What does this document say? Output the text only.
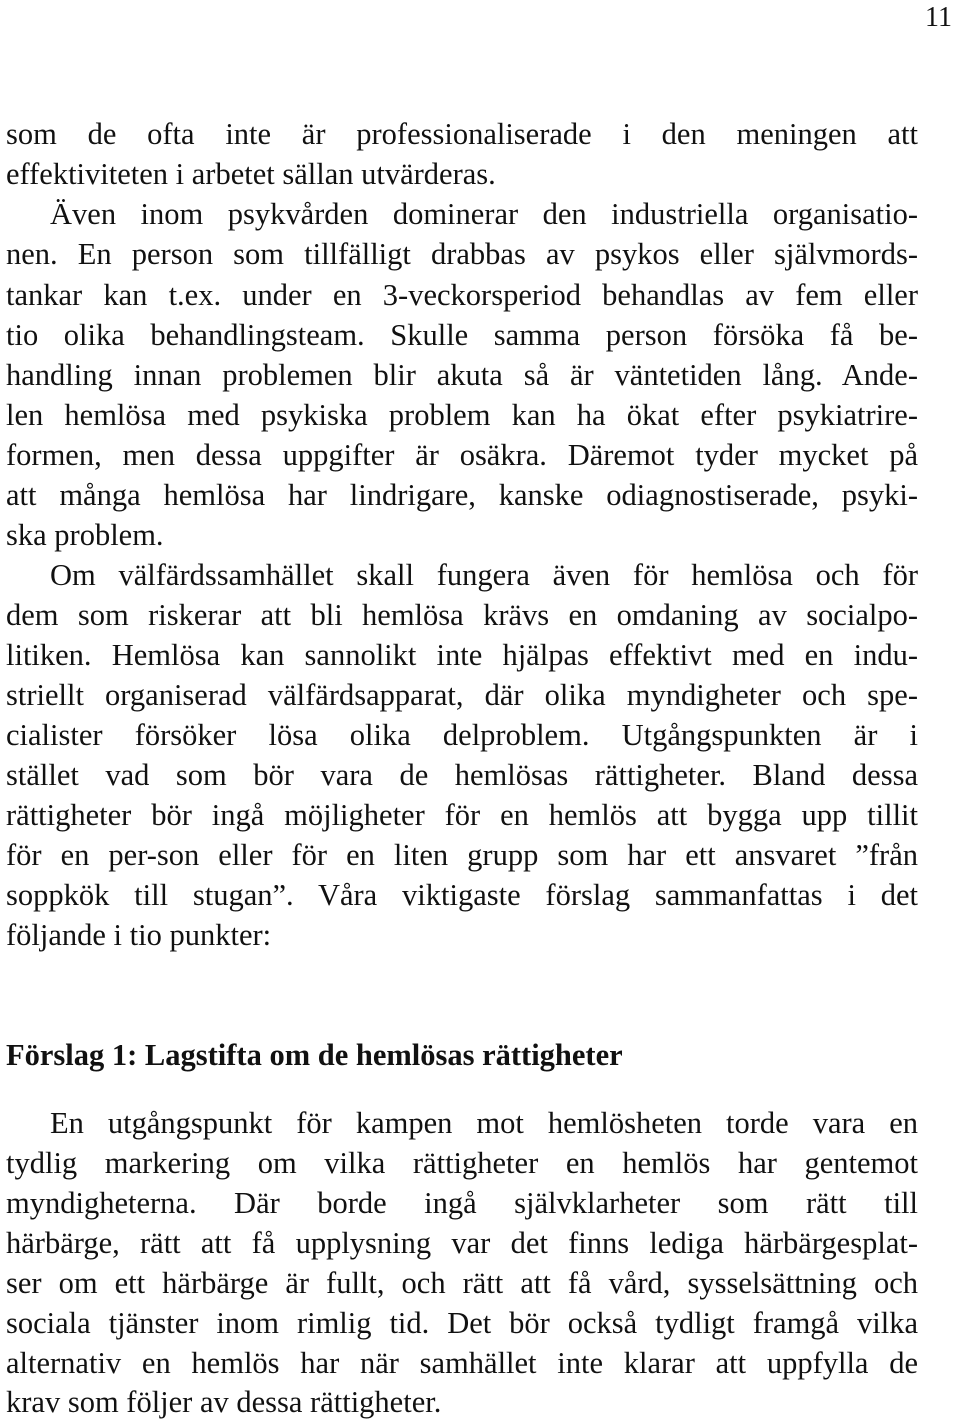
11
som de ofta inte är professionaliserade i den meningen att
effektiviteten i arbetet sällan utvärderas.
Även inom psykvården dominerar den industriella organisatio-
nen. En person som tillfälligt drabbas av psykos eller självmords-
tankar kan t.ex. under en 3-veckorsperiod behandlas av fem eller
tio olika behandlingsteam. Skulle samma person försöka få be-
handling innan problemen blir akuta så är väntetiden lång. Ande-
len hemlösa med psykiska problem kan ha ökat efter psykiatrire-
formen, men dessa uppgifter är osäkra. Däremot tyder mycket på
att många hemlösa har lindrigare, kanske odiagnostiserade, psyki-
ska problem.
Om välfärdssamhället skall fungera även för hemlösa och för
dem som riskerar att bli hemlösa krävs en omdaning av socialpo-
litiken. Hemlösa kan sannolikt inte hjälpas effektivt med en indu-
striellt organiserad välfärdsapparat, där olika myndigheter och spe-
cialister försöker lösa olika delproblem. Utgångspunkten är i
stället vad som bör vara de hemlösas rättigheter. Bland dessa
rättigheter bör ingå möjligheter för en hemlös att bygga upp tillit
för en per-son eller för en liten grupp som har ett ansvaret ”från
soppkök till stugan”. Våra viktigaste förslag sammanfattas i det
följande i tio punkter:
Förslag 1: Lagstifta om de hemlösas rättigheter
En utgångspunkt för kampen mot hemlösheten torde vara en
tydlig markering om vilka rättigheter en hemlös har gentemot
myndigheterna. Där borde ingå självklarheter som rätt till
härbärge, rätt att få upplysning var det finns lediga härbärgesplat-
ser om ett härbärge är fullt, och rätt att få vård, sysselsättning och
sociala tjänster inom rimlig tid. Det bör också tydligt framgå vilka
alternativ en hemlös har när samhället inte klarar att uppfylla de
krav som följer av dessa rättigheter.
